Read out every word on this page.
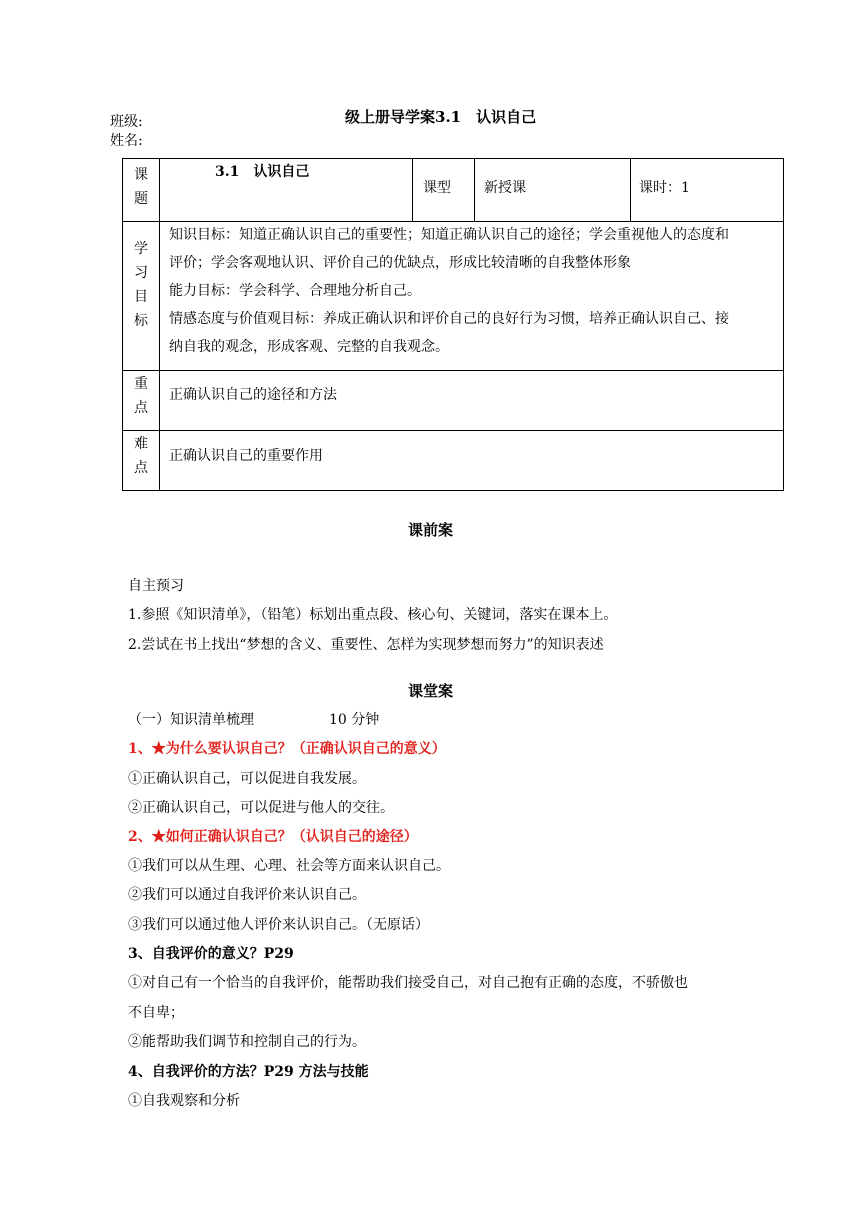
班级:
姓名:
级上册导学案3.1　认识自己
课
题
3.1　认识自己
课型 新授课	课时：1
学
习
目
标
知识目标：知道正确认识自己的重要性；知道正确认识自己的途径；学会重视他人的态度和
评价；学会客观地认识、评价自己的优缺点，形成比较清晰的自我整体形象
能力目标：学会科学、合理地分析自己。
情感态度与价值观目标：养成正确认识和评价自己的良好行为习惯，培养正确认识自己、接
纳自我的观念，形成客观、完整的自我观念。
重
点
正确认识自己的途径和方法
难
点
正确认识自己的重要作用
课前案
自主预习
1.参照《知识清单》，（铅笔）标划出重点段、核心句、关键词，落实在课本上。
2.尝试在书上找出“梦想的含义、重要性、怎样为实现梦想而努力”的知识表述
课堂案
（一）知识清单梳理	10 分钟
1、★为什么要认识自己？（正确认识自己的意义）
①正确认识自己，可以促进自我发展。
②正确认识自己，可以促进与他人的交往。
2、★如何正确认识自己？（认识自己的途径）
①我们可以从生理、心理、社会等方面来认识自己。
②我们可以通过自我评价来认识自己。
③我们可以通过他人评价来认识自己。（无原话）
3、自我评价的意义？P29
①对自己有一个恰当的自我评价，能帮助我们接受自己，对自己抱有正确的态度，不骄傲也
不自卑；
②能帮助我们调节和控制自己的行为。
4、自我评价的方法？P29 方法与技能
①自我观察和分析
